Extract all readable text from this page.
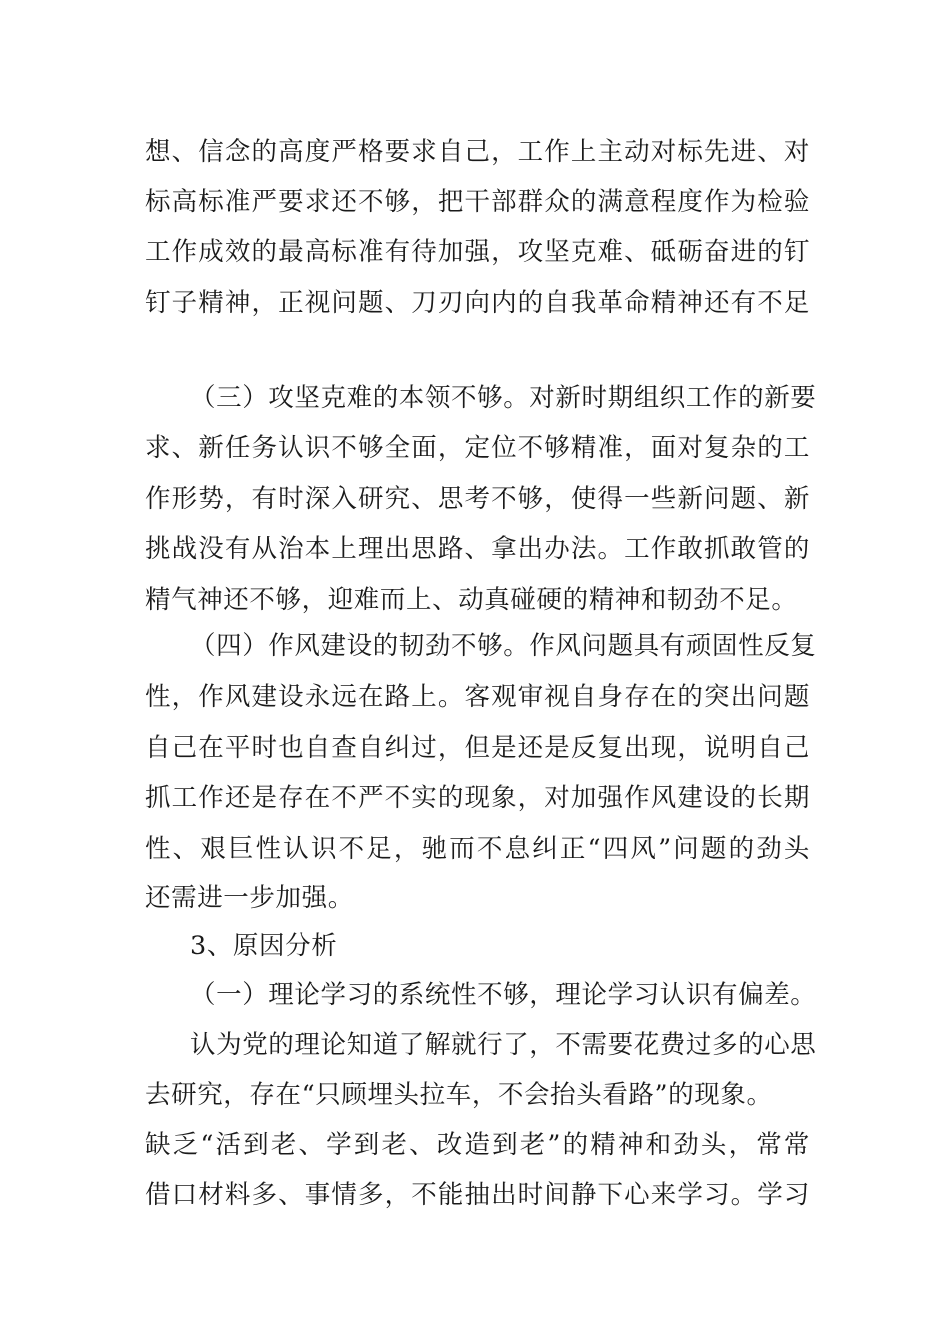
想、信念的高度严格要求自己，工作上主动对标先进、对
标高标准严要求还不够，把干部群众的满意程度作为检验
工作成效的最高标准有待加强，攻坚克难、砥砺奋进的钉
钉子精神，正视问题、刀刃向内的自我革命精神还有不足
（三）攻坚克难的本领不够。对新时期组织工作的新要
求、新任务认识不够全面，定位不够精准，面对复杂的工
作形势，有时深入研究、思考不够，使得一些新问题、新
挑战没有从治本上理出思路、拿出办法。工作敢抓敢管的
精气神还不够，迎难而上、动真碰硬的精神和韧劲不足。
（四）作风建设的韧劲不够。作风问题具有顽固性反复
性，作风建设永远在路上。客观审视自身存在的突出问题
自己在平时也自查自纠过，但是还是反复出现，说明自己
抓工作还是存在不严不实的现象，对加强作风建设的长期
性、艰巨性认识不足，驰而不息纠正“四风”问题的劲头
还需进一步加强。
3、原因分析
（一）理论学习的系统性不够，理论学习认识有偏差。
认为党的理论知道了解就行了，不需要花费过多的心思
去研究，存在“只顾埋头拉车，不会抬头看路”的现象。
缺乏“活到老、学到老、改造到老”的精神和劲头，常常
借口材料多、事情多，不能抽出时间静下心来学习。学习
